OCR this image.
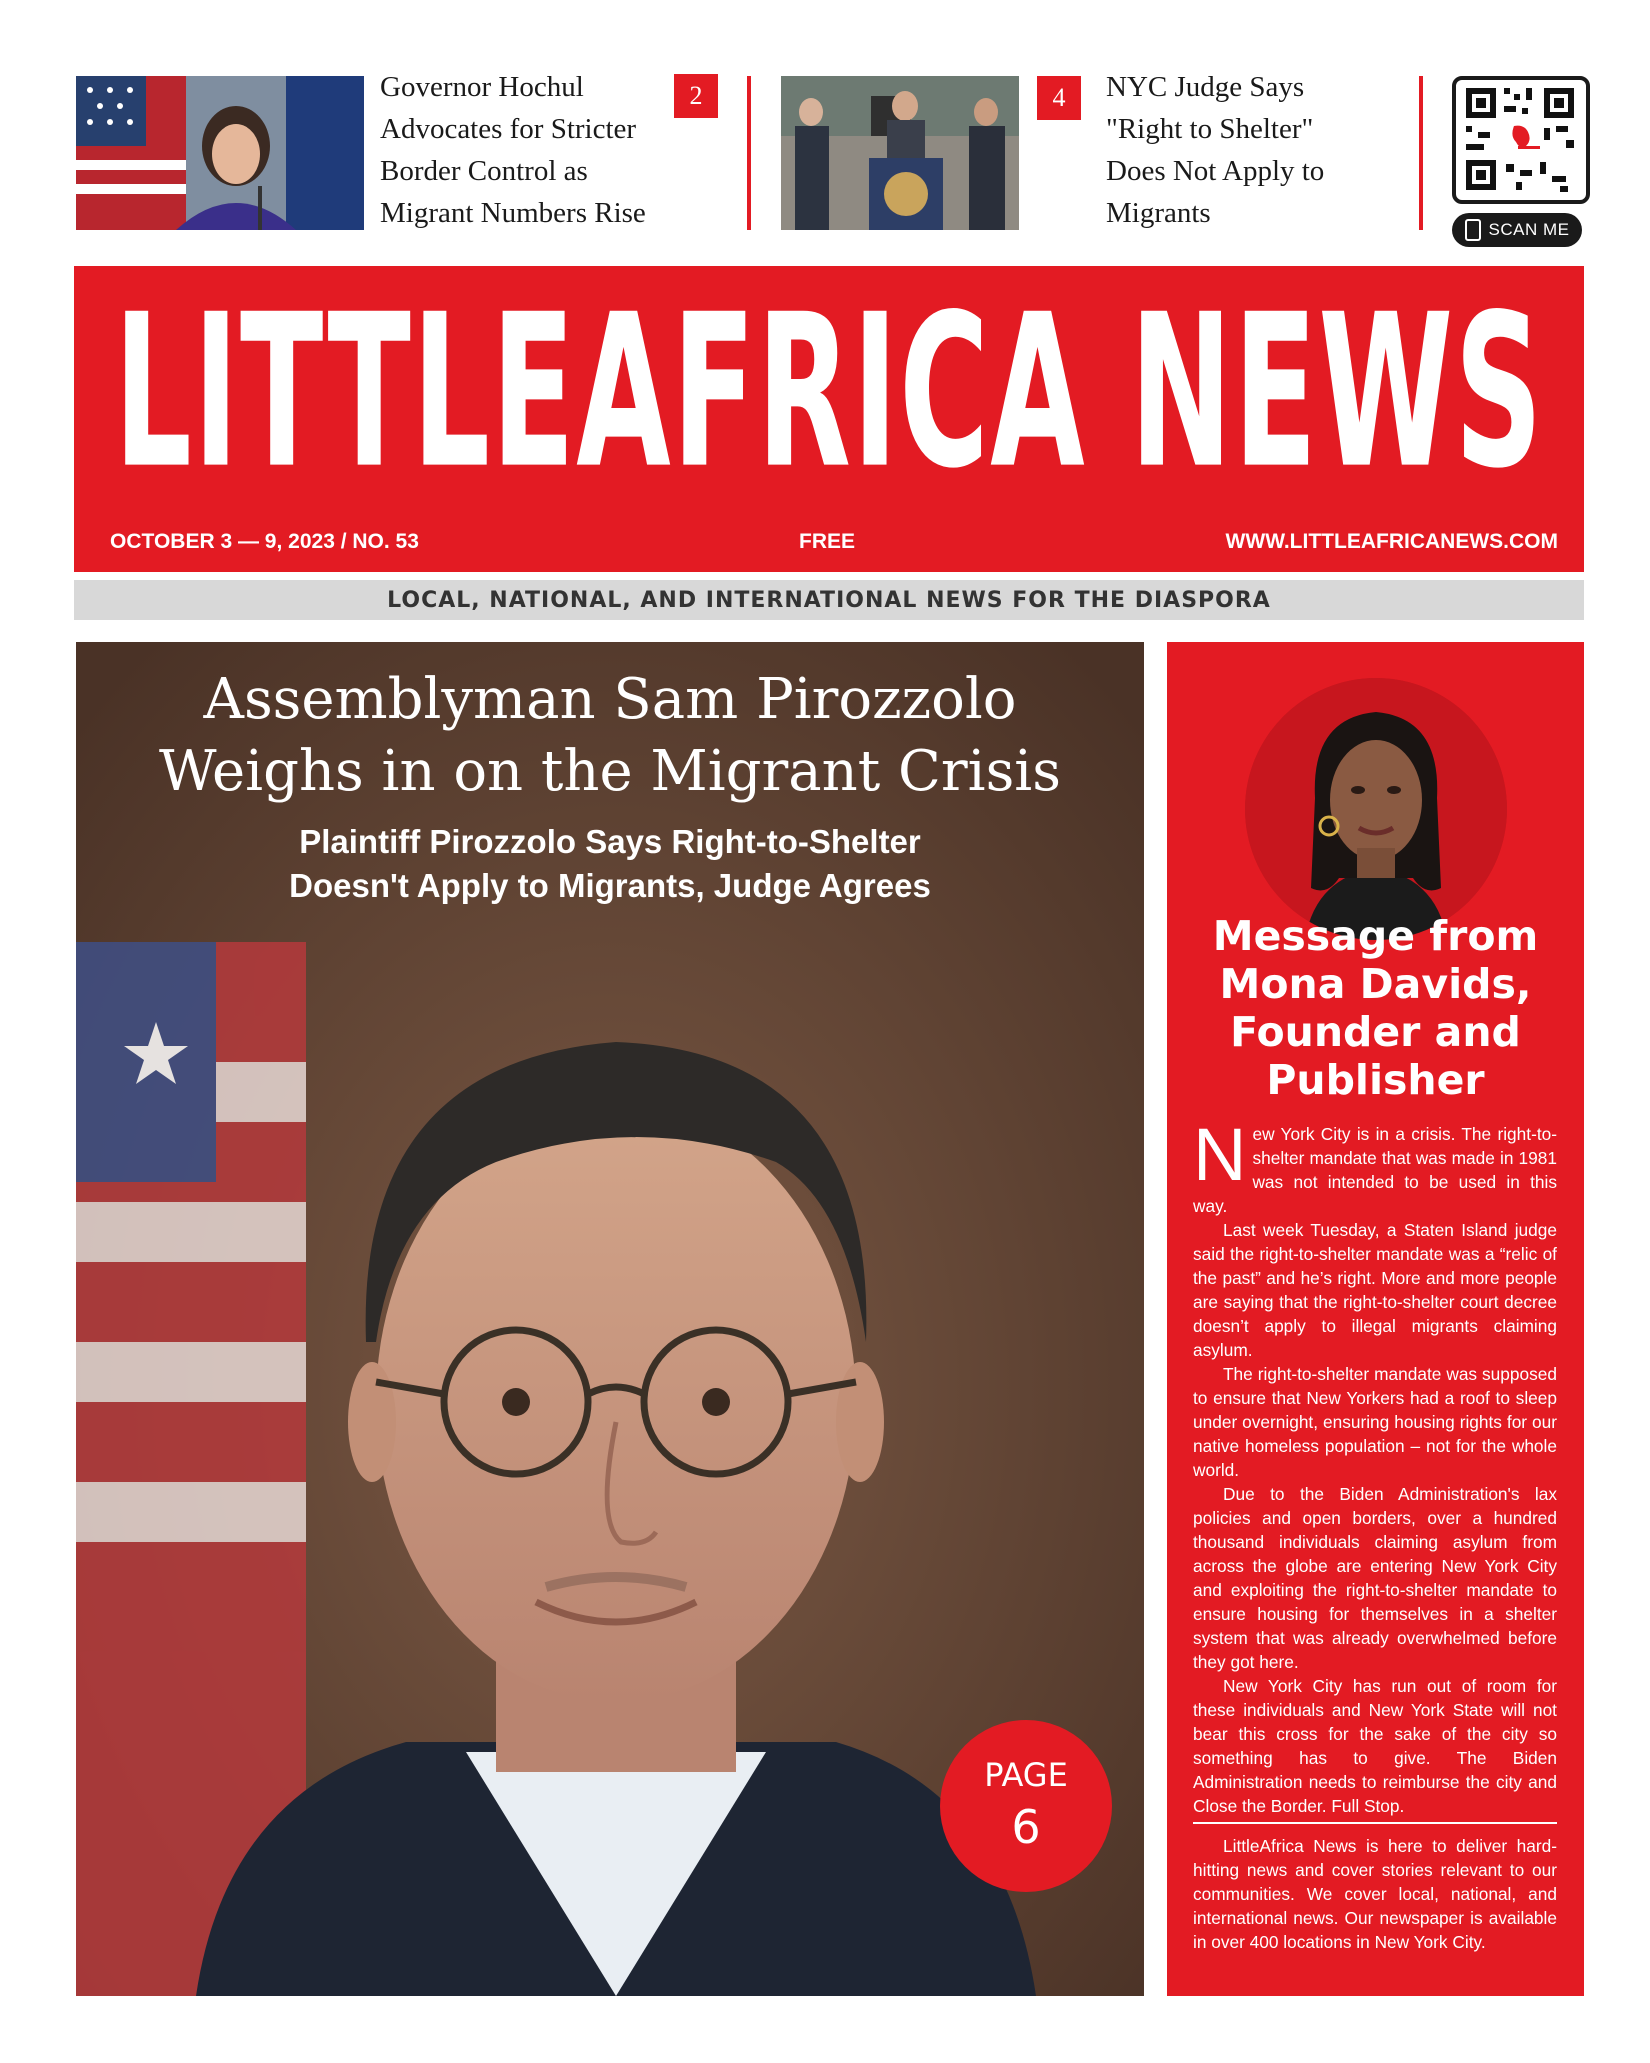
Governor Hochul
Advocates for Stricter
Border Control as
Migrant Numbers Rise
2	4	NYC Judge Says
"Right to Shelter"
Does Not Apply to
Migrants
SCAN ME
LITTLEAFRICA NEWS
OCTOBER 3 — 9, 2023 / NO. 53	FREE	WWW.LITTLEAFRICANEWS.COM
LOCAL, NATIONAL, AND INTERNATIONAL NEWS FOR THE DIASPORA
Assemblyman Sam Pirozzolo
Weighs in on the Migrant Crisis
Plaintiff Pirozzolo Says Right-to-Shelter
Doesn't Apply to Migrants, Judge Agrees
PAGE
6
Message from
Mona Davids,
Founder and
Publisher

New York City is in a crisis. The right-to-shelter mandate that was made in 1981 was not intended to be used in this way.

Last week Tuesday, a Staten Island judge said the right-to-shelter mandate was a “relic of the past” and he’s right. More and more people are saying that the right-to-shelter court decree doesn’t apply to illegal migrants claiming asylum.

The right-to-shelter mandate was supposed to ensure that New Yorkers had a roof to sleep under overnight, ensuring housing rights for our native homeless population – not for the whole world.

Due to the Biden Administration's lax policies and open borders, over a hundred thousand individuals claiming asylum from across the globe are entering New York City and exploiting the right-to-shelter mandate to ensure housing for themselves in a shelter system that was already overwhelmed before they got here.

New York City has run out of room for these individuals and New York State will not bear this cross for the sake of the city so something has to give. The Biden Administration needs to reimburse the city and Close the Border. Full Stop.

LittleAfrica News is here to deliver hard-hitting news and cover stories relevant to our communities. We cover local, national, and international news. Our newspaper is available in over 400 locations in New York City.
